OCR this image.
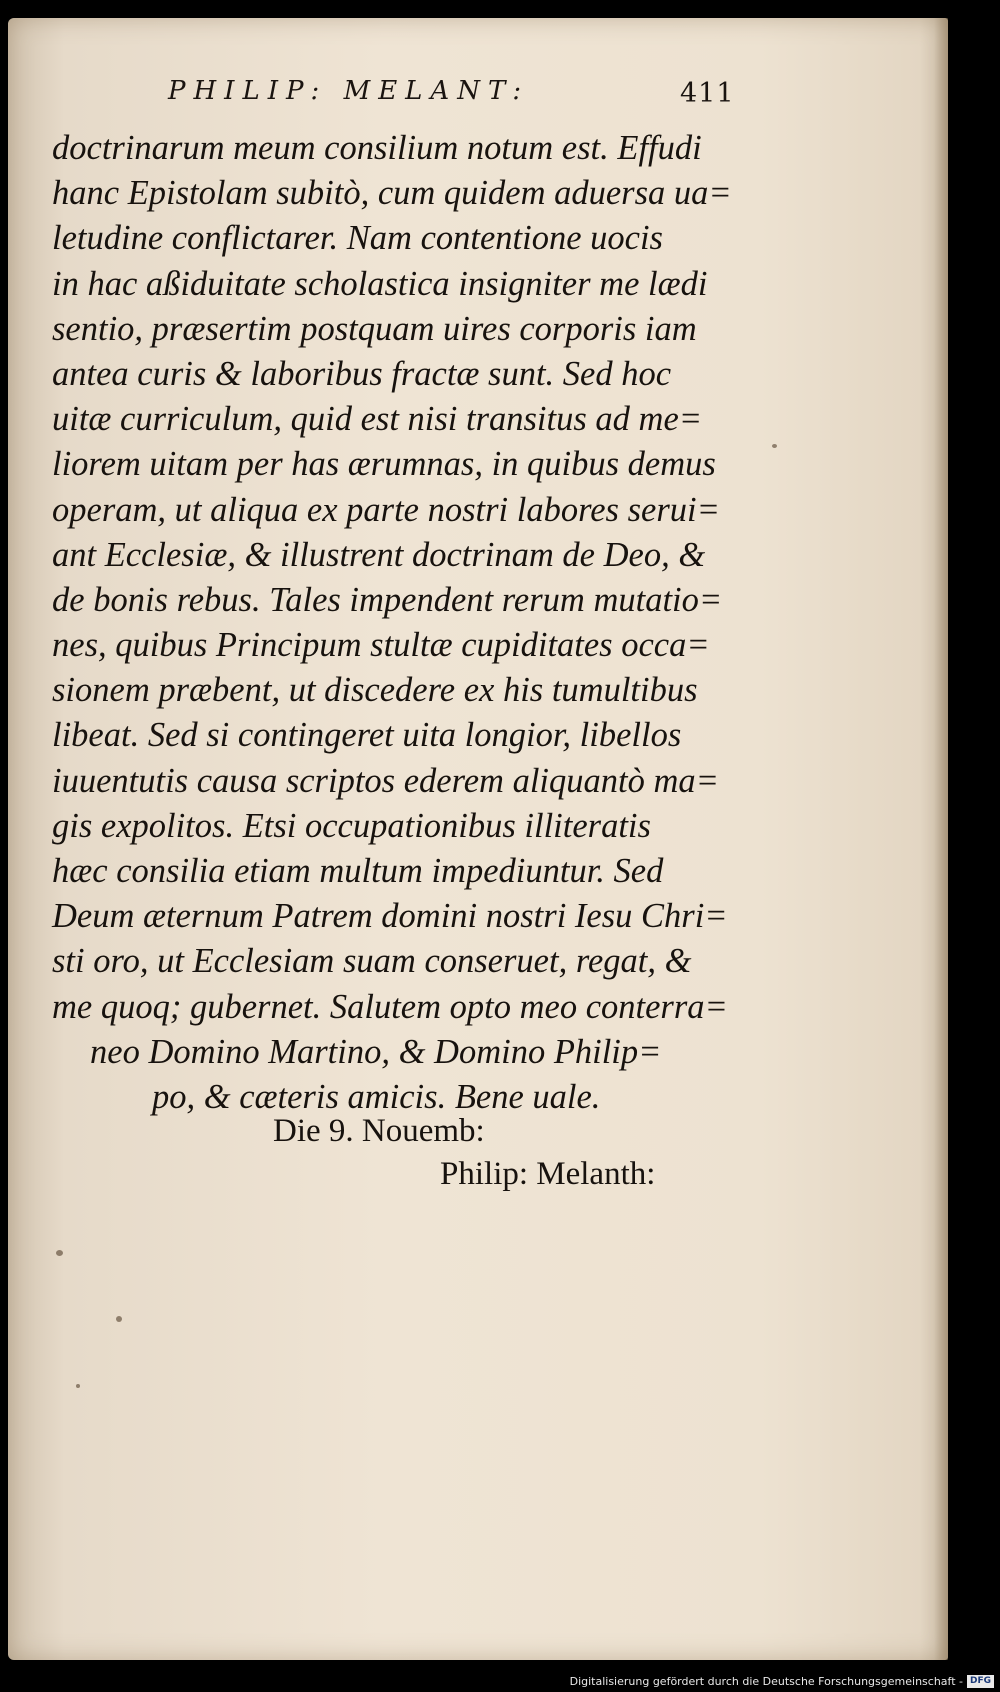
PHILIP: MELANT:	411
doctrinarum meum consilium notum est. Effudi
hanc Epistolam subitò, cum quidem aduersa ua=
letudine conflictarer. Nam contentione uocis
in hac aßiduitate scholastica insigniter me lædi
sentio, præsertim postquam uires corporis iam
antea curis & laboribus fractæ sunt. Sed hoc
uitæ curriculum, quid est nisi transitus ad me=
liorem uitam per has ærumnas, in quibus demus
operam, ut aliqua ex parte nostri labores serui=
ant Ecclesiæ, & illustrent doctrinam de Deo, &
de bonis rebus. Tales impendent rerum mutatio=
nes, quibus Principum stultæ cupiditates occa=
sionem præbent, ut discedere ex his tumultibus
libeat. Sed si contingeret uita longior, libellos
iuuentutis causa scriptos ederem aliquantò ma=
gis expolitos. Etsi occupationibus illiteratis
hæc consilia etiam multum impediuntur. Sed
Deum æternum Patrem domini nostri Iesu Chri=
sti oro, ut Ecclesiam suam conseruet, regat, &
me quoq; gubernet. Salutem opto meo conterra=
neo Domino Martino, & Domino Philip=
po, & cæteris amicis. Bene uale.
Die 9. Nouemb:
Philip: Melanth:
Digitalisierung gefördert durch die Deutsche Forschungsgemeinschaft - DFG
